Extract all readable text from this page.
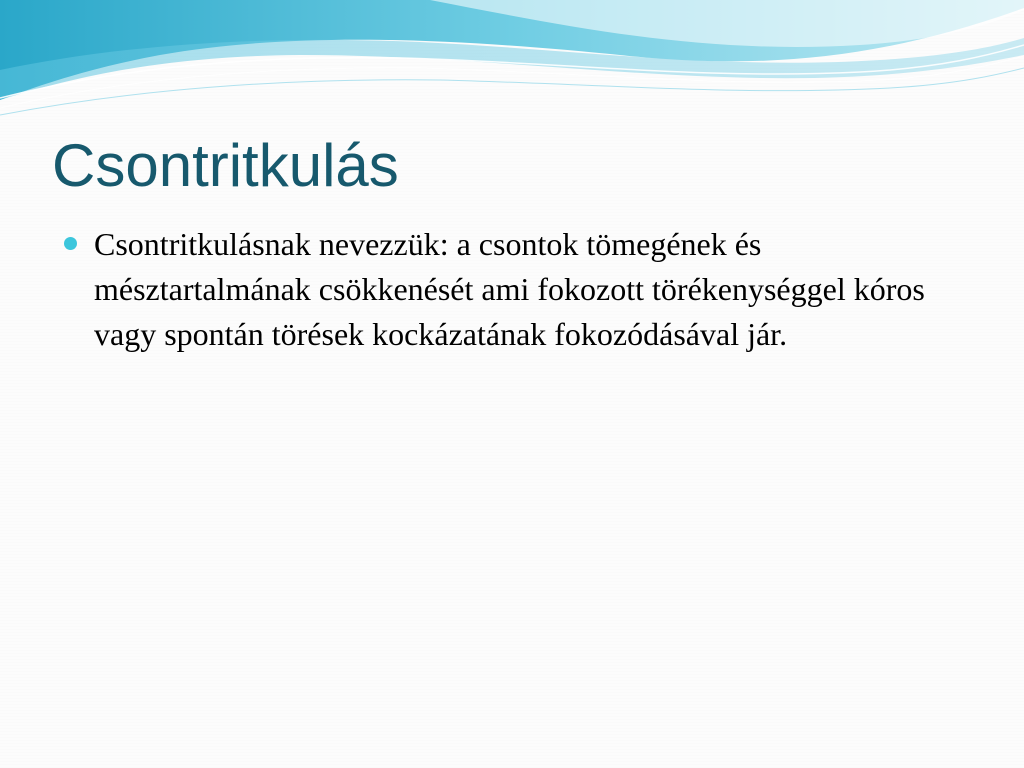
Csontritkulás
Csontritkulásnak nevezzük: a csontok tömegének és mésztartalmának csökkenését ami fokozott törékenységgel kóros vagy spontán törések kockázatának fokozódásával jár.
